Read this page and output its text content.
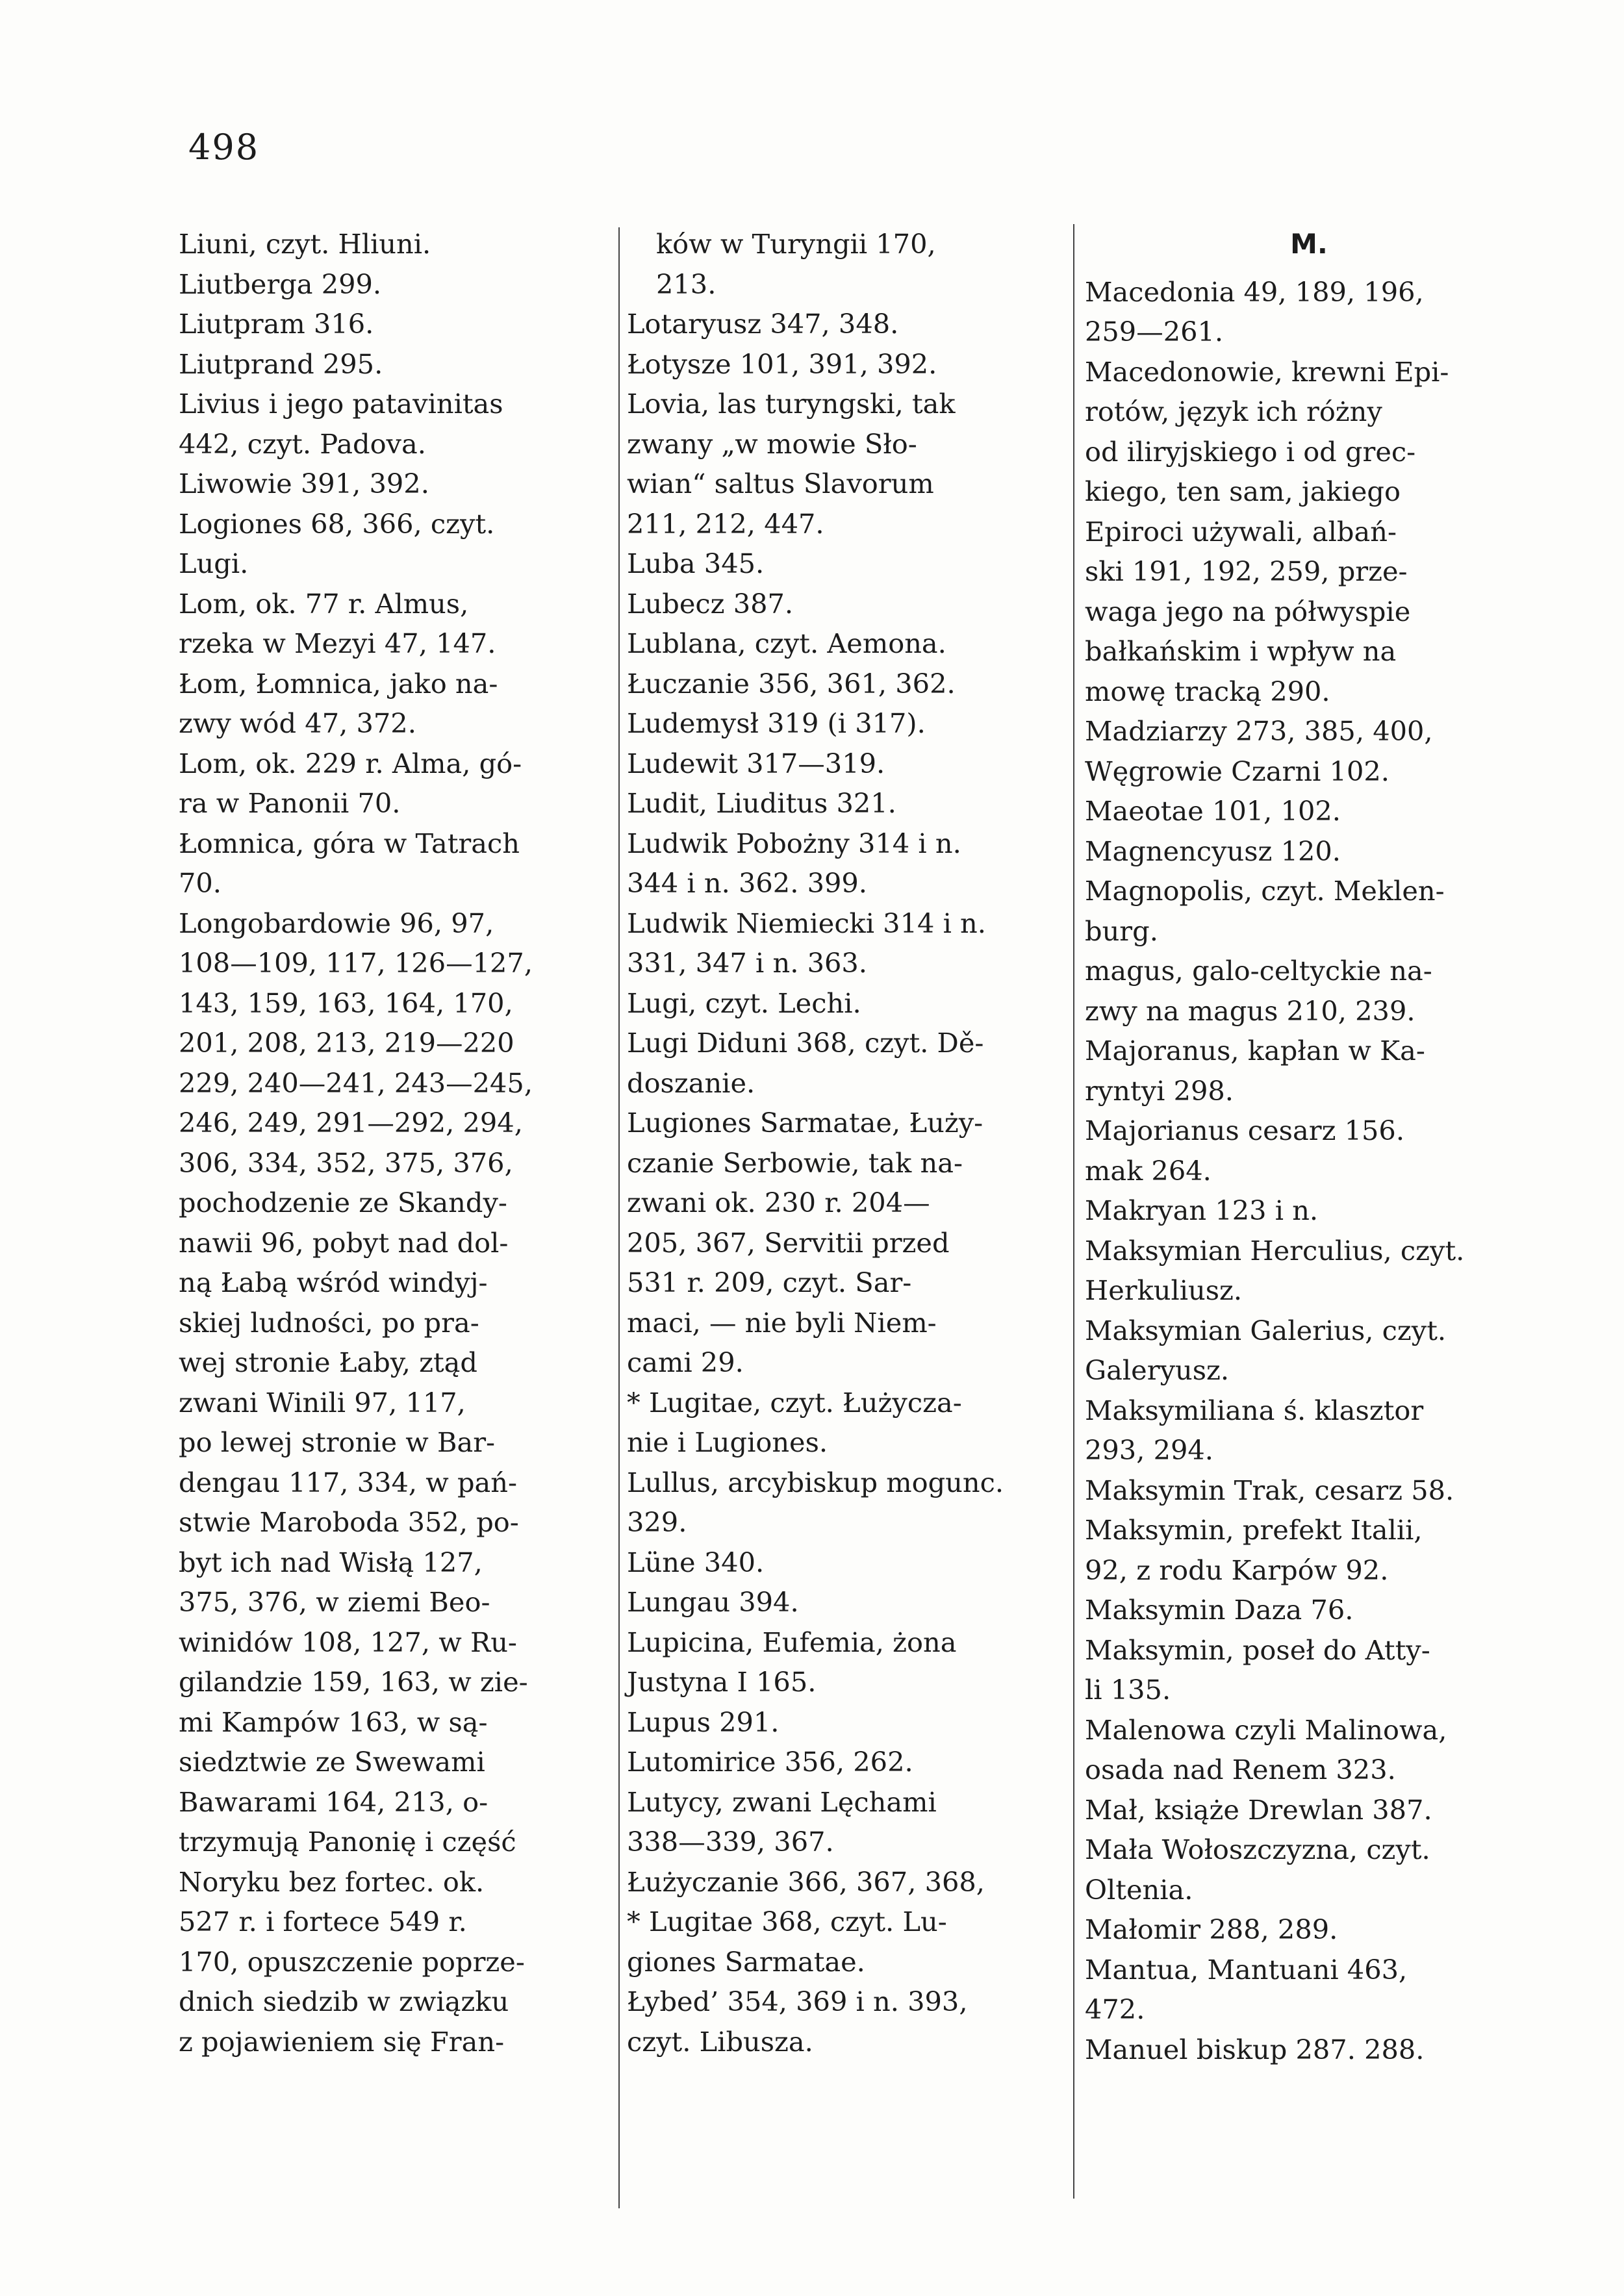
498
Liuni, czyt. Hliuni.
Liutberga 299.
Liutpram 316.
Liutprand 295.
Livius i jego patavinitas
442, czyt. Padova.
Liwowie 391, 392.
Logiones 68, 366, czyt.
Lugi.
Lom, ok. 77 r. Almus,
rzeka w Mezyi 47, 147.
Łom, Łomnica, jako na-
zwy wód 47, 372.
Lom, ok. 229 r. Alma, gó-
ra w Panonii 70.
Łomnica, góra w Tatrach
70.
Longobardowie 96, 97,
108—109, 117, 126—127,
143, 159, 163, 164, 170,
201, 208, 213, 219—220
229, 240—241, 243—245,
246, 249, 291—292, 294,
306, 334, 352, 375, 376,
pochodzenie ze Skandy-
nawii 96, pobyt nad dol-
ną Łabą wśród windyj-
skiej ludności, po pra-
wej stronie Łaby, ztąd
zwani Winili 97, 117,
po lewej stronie w Bar-
dengau 117, 334, w pań-
stwie Maroboda 352, po-
byt ich nad Wisłą 127,
375, 376, w ziemi Beo-
winidów 108, 127, w Ru-
gilandzie 159, 163, w zie-
mi Kampów 163, w są-
siedztwie ze Swewami
Bawarami 164, 213, o-
trzymują Panonię i część
Noryku bez fortec. ok.
527 r. i fortece 549 r.
170, opuszczenie poprze-
dnich siedzib w związku
z pojawieniem się Fran-
ków w Turyngii 170,
213.
Lotaryusz 347, 348.
Łotysze 101, 391, 392.
Lovia, las turyngski, tak
zwany „w mowie Sło-
wian“ saltus Slavorum
211, 212, 447.
Luba 345.
Lubecz 387.
Lublana, czyt. Aemona.
Łuczanie 356, 361, 362.
Ludemysł 319 (i 317).
Ludewit 317—319.
Ludit, Liuditus 321.
Ludwik Pobożny 314 i n.
344 i n. 362. 399.
Ludwik Niemiecki 314 i n.
331, 347 i n. 363.
Lugi, czyt. Lechi.
Lugi Diduni 368, czyt. Dě-
doszanie.
Lugiones Sarmatae, Łuży-
czanie Serbowie, tak na-
zwani ok. 230 r. 204—
205, 367, Servitii przed
531 r. 209, czyt. Sar-
maci, — nie byli Niem-
cami 29.
* Lugitae, czyt. Łużycza-
nie i Lugiones.
Lullus, arcybiskup mogunc.
329.
Lüne 340.
Lungau 394.
Lupicina, Eufemia, żona
Justyna I 165.
Lupus 291.
Lutomirice 356, 262.
Lutycy, zwani Lęchami
338—339, 367.
Łużyczanie 366, 367, 368,
* Lugitae 368, czyt. Lu-
giones Sarmatae.
Łybed’ 354, 369 i n. 393,
czyt. Libusza.
M.
Macedonia 49, 189, 196,
259—261.
Macedonowie, krewni Epi-
rotów, język ich różny
od iliryjskiego i od grec-
kiego, ten sam, jakiego
Epiroci używali, albań-
ski 191, 192, 259, prze-
waga jego na półwyspie
bałkańskim i wpływ na
mowę tracką 290.
Madziarzy 273, 385, 400,
Węgrowie Czarni 102.
Maeotae 101, 102.
Magnencyusz 120.
Magnopolis, czyt. Meklen-
burg.
magus, galo-celtyckie na-
zwy na magus 210, 239.
Majoranus, kapłan w Ka-
ryntyi 298.
Majorianus cesarz 156.
mak 264.
Makryan 123 i n.
Maksymian Herculius, czyt.
Herkuliusz.
Maksymian Galerius, czyt.
Galeryusz.
Maksymiliana ś. klasztor
293, 294.
Maksymin Trak, cesarz 58.
Maksymin, prefekt Italii,
92, z rodu Karpów 92.
Maksymin Daza 76.
Maksymin, poseł do Atty-
li 135.
Malenowa czyli Malinowa,
osada nad Renem 323.
Mał, książe Drewlan 387.
Mała Wołoszczyzna, czyt.
Oltenia.
Małomir 288, 289.
Mantua, Mantuani 463,
472.
Manuel biskup 287. 288.
